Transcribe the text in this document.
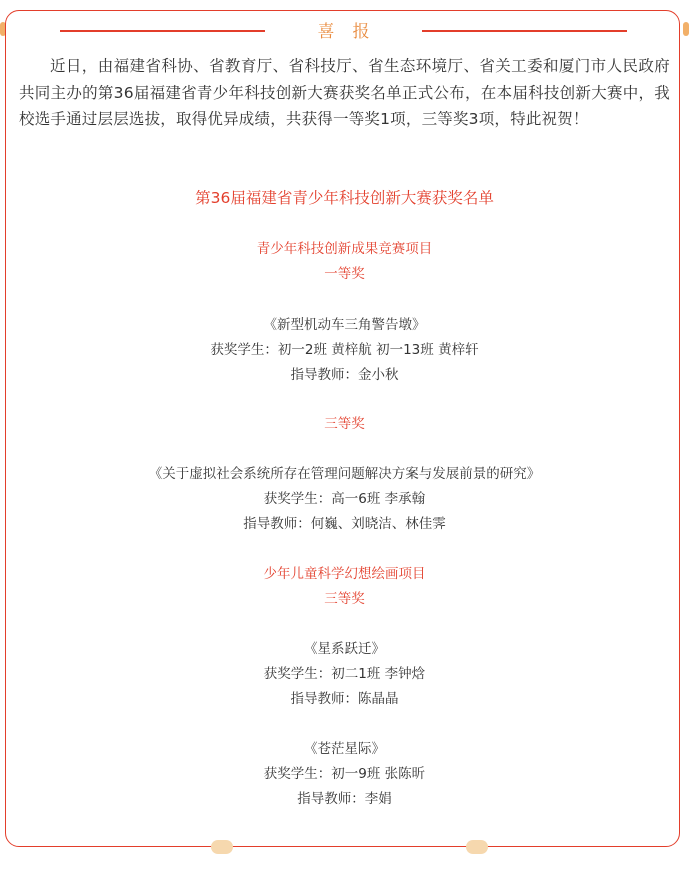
喜报

近日，由福建省科协、省教育厅、省科技厅、省生态环境厅、省关工委和厦门市人民政府共同主办的第36届福建省青少年科技创新大赛获奖名单正式公布，在本届科技创新大赛中，我校选手通过层层选拔，取得优异成绩，共获得一等奖1项，三等奖3项，特此祝贺！

第36届福建省青少年科技创新大赛获奖名单
青少年科技创新成果竞赛项目
一等奖
《新型机动车三角警告墩》
获奖学生：初一2班 黄梓航 初一13班 黄梓轩
指导教师：金小秋
三等奖
《关于虚拟社会系统所存在管理问题解决方案与发展前景的研究》
获奖学生：高一6班 李承翰
指导教师：何巍、刘晓洁、林佳霁
少年儿童科学幻想绘画项目
三等奖
《星系跃迁》
获奖学生：初二1班 李钟焓
指导教师：陈晶晶
《苍茫星际》
获奖学生：初一9班 张陈昕
指导教师：李娟
